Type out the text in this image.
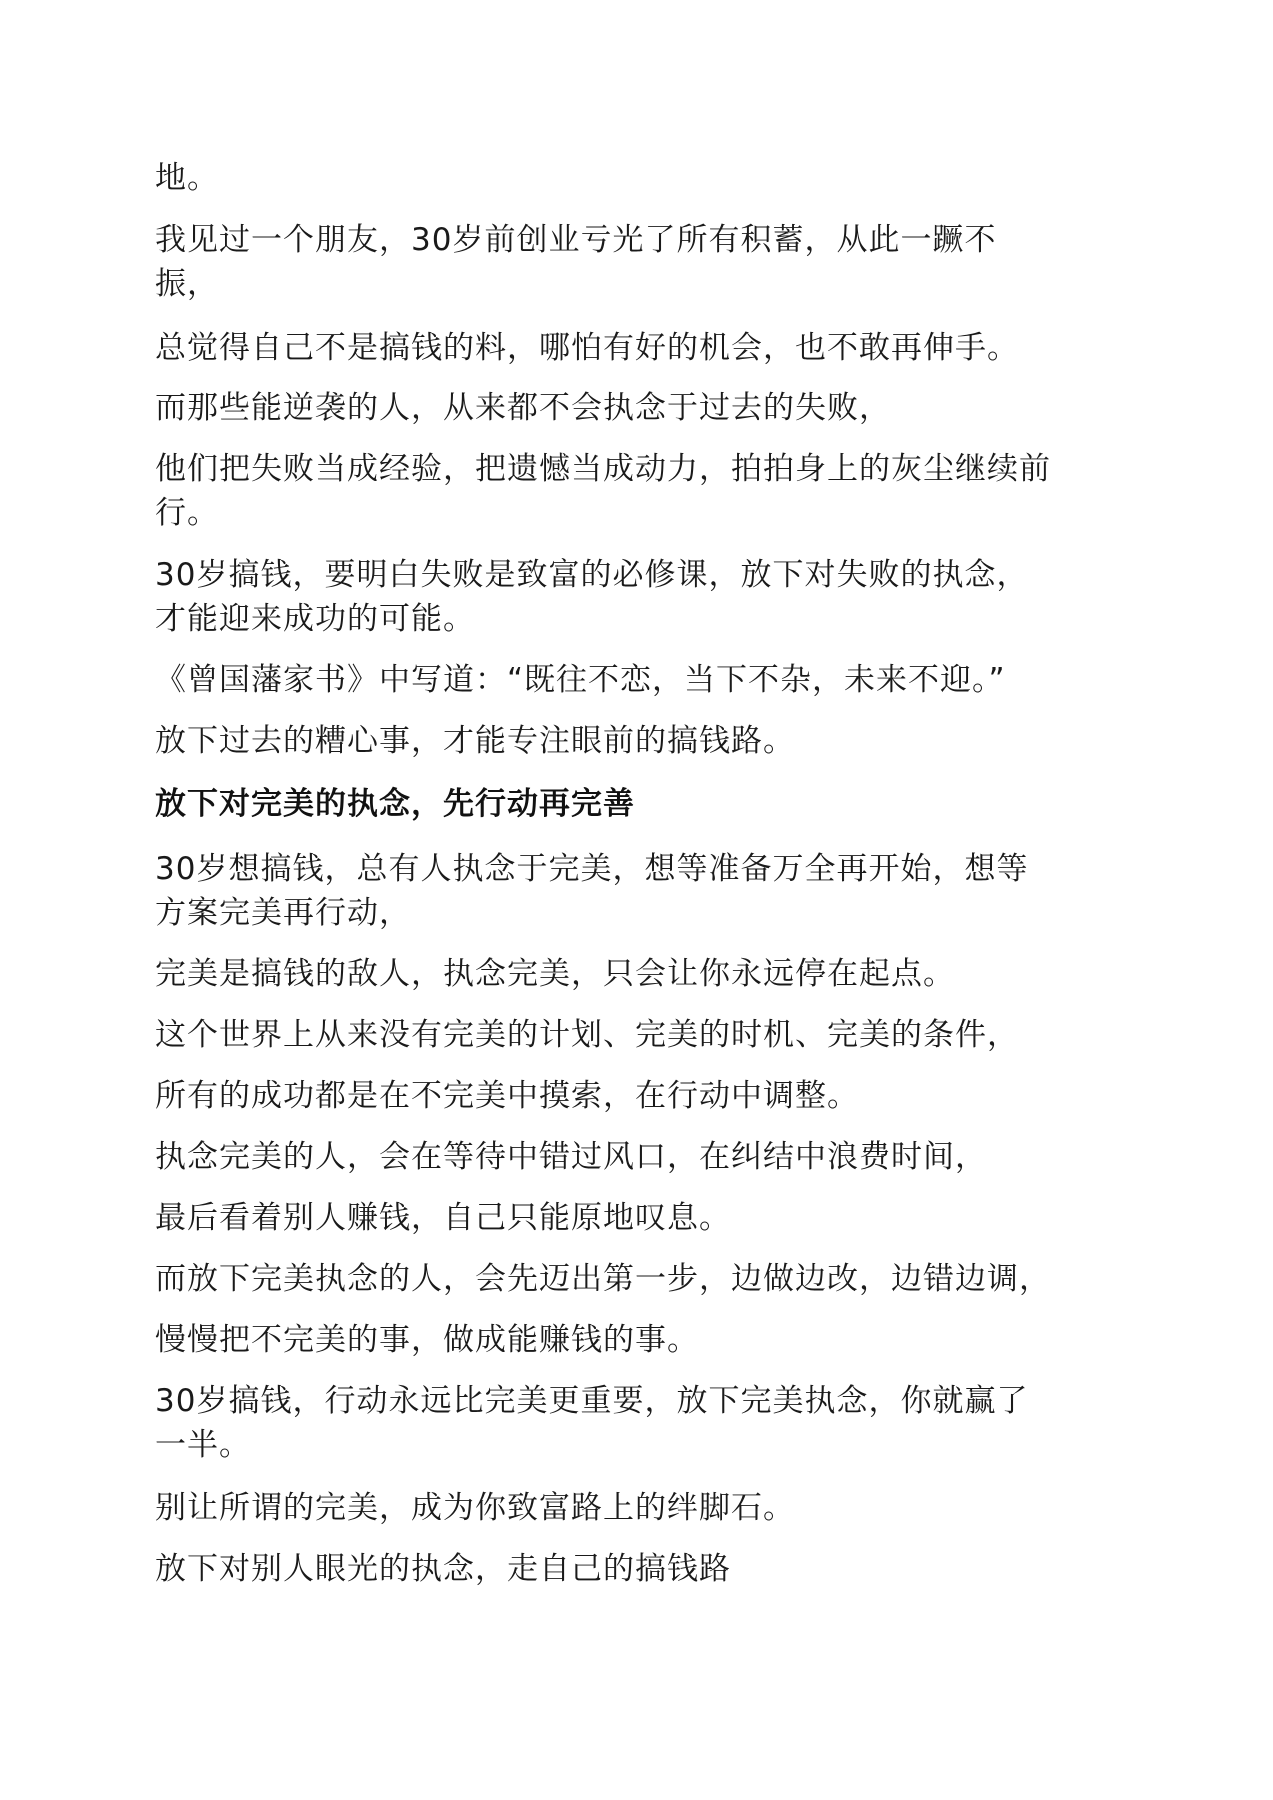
地。

我见过一个朋友，30岁前创业亏光了所有积蓄，从此一蹶不

振，

总觉得自己不是搞钱的料，哪怕有好的机会，也不敢再伸手。

而那些能逆袭的人，从来都不会执念于过去的失败，

他们把失败当成经验，把遗憾当成动力，拍拍身上的灰尘继续前

行。

30岁搞钱，要明白失败是致富的必修课，放下对失败的执念，

才能迎来成功的可能。

《曾国藩家书》中写道：“既往不恋，当下不杂，未来不迎。”

放下过去的糟心事，才能专注眼前的搞钱路。

放下对完美的执念，先行动再完善

30岁想搞钱，总有人执念于完美，想等准备万全再开始，想等

方案完美再行动，

完美是搞钱的敌人，执念完美，只会让你永远停在起点。

这个世界上从来没有完美的计划、完美的时机、完美的条件，

所有的成功都是在不完美中摸索，在行动中调整。

执念完美的人，会在等待中错过风口，在纠结中浪费时间，

最后看着别人赚钱，自己只能原地叹息。

而放下完美执念的人，会先迈出第一步，边做边改，边错边调，

慢慢把不完美的事，做成能赚钱的事。

30岁搞钱，行动永远比完美更重要，放下完美执念，你就赢了

一半。

别让所谓的完美，成为你致富路上的绊脚石。

放下对别人眼光的执念，走自己的搞钱路
